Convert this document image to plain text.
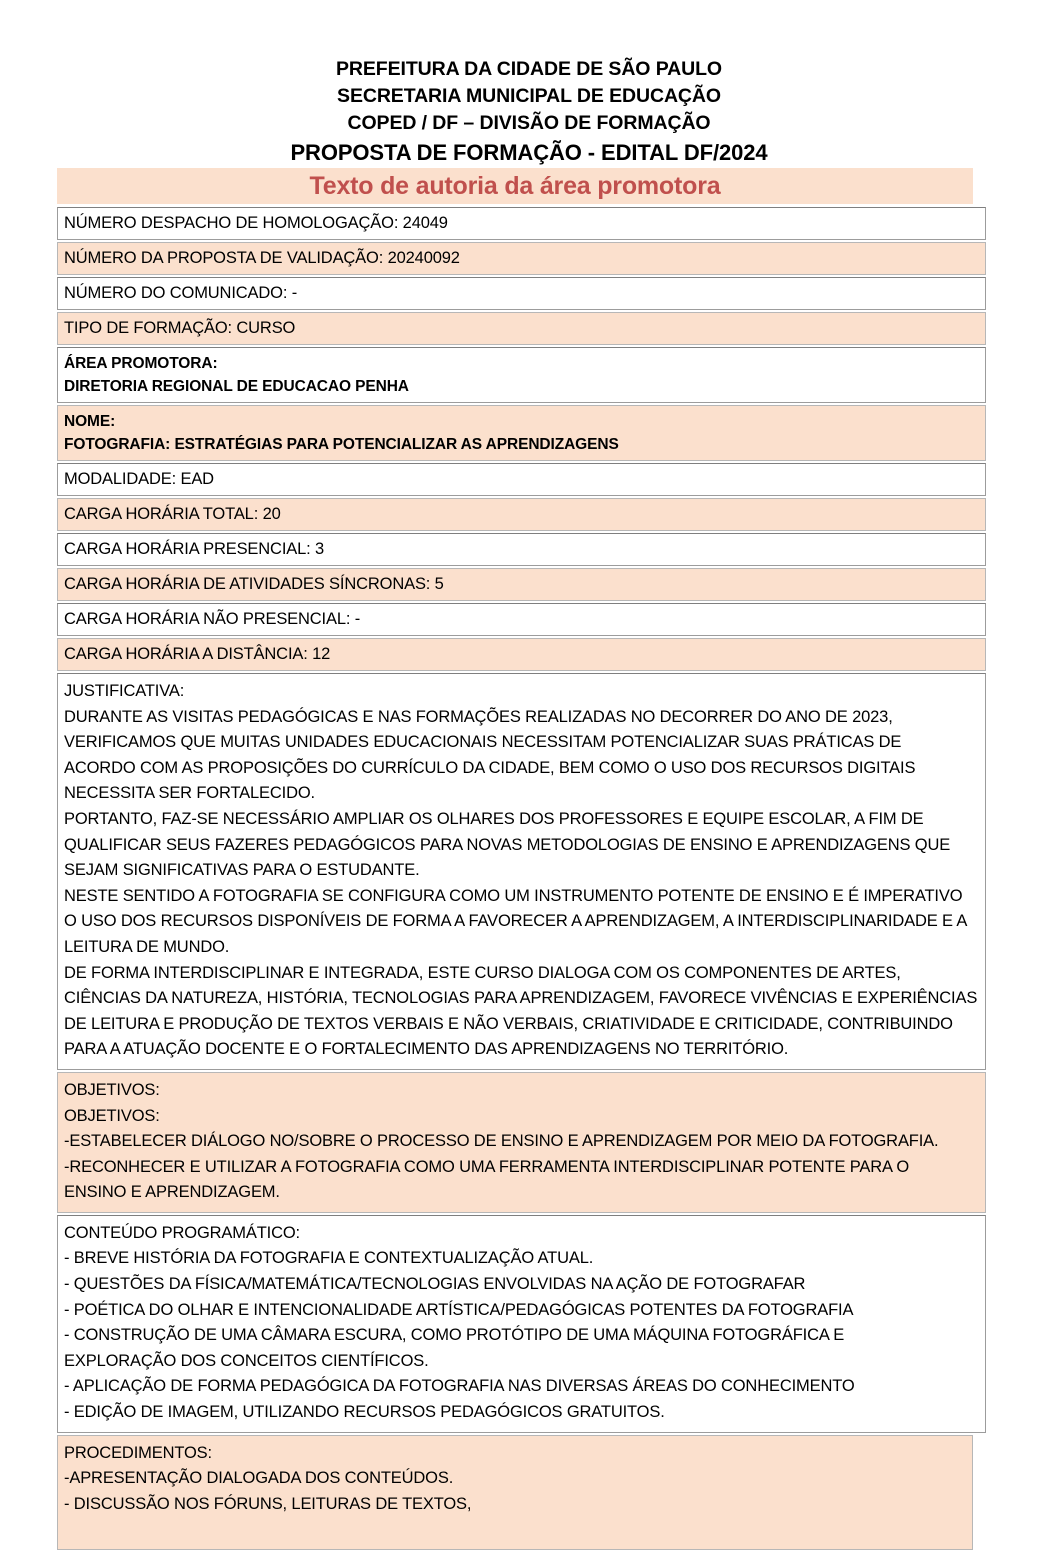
PREFEITURA DA CIDADE DE SÃO PAULO
SECRETARIA MUNICIPAL DE EDUCAÇÃO
COPED / DF – DIVISÃO DE FORMAÇÃO
PROPOSTA DE FORMAÇÃO - EDITAL DF/2024
Texto de autoria da área promotora
NÚMERO DESPACHO DE HOMOLOGAÇÃO: 24049
NÚMERO DA PROPOSTA DE VALIDAÇÃO: 20240092
NÚMERO DO COMUNICADO: -
TIPO DE FORMAÇÃO: CURSO
ÁREA PROMOTORA:
DIRETORIA REGIONAL DE EDUCACAO PENHA
NOME:
FOTOGRAFIA: ESTRATÉGIAS PARA POTENCIALIZAR AS APRENDIZAGENS
MODALIDADE: EAD
CARGA HORÁRIA TOTAL: 20
CARGA HORÁRIA PRESENCIAL: 3
CARGA HORÁRIA DE ATIVIDADES SÍNCRONAS: 5
CARGA HORÁRIA NÃO PRESENCIAL: -
CARGA HORÁRIA A DISTÂNCIA: 12
JUSTIFICATIVA:
DURANTE AS VISITAS PEDAGÓGICAS E NAS FORMAÇÕES REALIZADAS NO DECORRER DO ANO DE 2023,
VERIFICAMOS QUE MUITAS UNIDADES EDUCACIONAIS NECESSITAM POTENCIALIZAR SUAS PRÁTICAS DE
ACORDO COM AS PROPOSIÇÕES DO CURRÍCULO DA CIDADE, BEM COMO O USO DOS RECURSOS DIGITAIS
NECESSITA SER FORTALECIDO.
PORTANTO, FAZ-SE NECESSÁRIO AMPLIAR OS OLHARES DOS PROFESSORES E EQUIPE ESCOLAR, A FIM DE
QUALIFICAR SEUS FAZERES PEDAGÓGICOS PARA NOVAS METODOLOGIAS DE ENSINO E APRENDIZAGENS QUE
SEJAM SIGNIFICATIVAS PARA O ESTUDANTE.
NESTE SENTIDO A FOTOGRAFIA SE CONFIGURA COMO UM INSTRUMENTO POTENTE DE ENSINO E É IMPERATIVO
O USO DOS RECURSOS DISPONÍVEIS DE FORMA A FAVORECER A APRENDIZAGEM, A INTERDISCIPLINARIDADE E A
LEITURA DE MUNDO.
DE FORMA INTERDISCIPLINAR E INTEGRADA, ESTE CURSO DIALOGA COM OS COMPONENTES DE ARTES,
CIÊNCIAS DA NATUREZA, HISTÓRIA, TECNOLOGIAS PARA APRENDIZAGEM, FAVORECE VIVÊNCIAS E EXPERIÊNCIAS
DE LEITURA E PRODUÇÃO DE TEXTOS VERBAIS E NÃO VERBAIS, CRIATIVIDADE E CRITICIDADE, CONTRIBUINDO
PARA A ATUAÇÃO DOCENTE E O FORTALECIMENTO DAS APRENDIZAGENS NO TERRITÓRIO.
OBJETIVOS:
OBJETIVOS:
-ESTABELECER DIÁLOGO NO/SOBRE O PROCESSO DE ENSINO E APRENDIZAGEM POR MEIO DA FOTOGRAFIA.
-RECONHECER E UTILIZAR A FOTOGRAFIA COMO UMA FERRAMENTA INTERDISCIPLINAR POTENTE PARA O
ENSINO E APRENDIZAGEM.
CONTEÚDO PROGRAMÁTICO:
- BREVE HISTÓRIA DA FOTOGRAFIA E CONTEXTUALIZAÇÃO ATUAL.
- QUESTÕES DA FÍSICA/MATEMÁTICA/TECNOLOGIAS ENVOLVIDAS NA AÇÃO DE FOTOGRAFAR
- POÉTICA DO OLHAR E INTENCIONALIDADE ARTÍSTICA/PEDAGÓGICAS POTENTES DA FOTOGRAFIA
- CONSTRUÇÃO DE UMA CÂMARA ESCURA, COMO PROTÓTIPO DE UMA MÁQUINA FOTOGRÁFICA E
EXPLORAÇÃO DOS CONCEITOS CIENTÍFICOS.
- APLICAÇÃO DE FORMA PEDAGÓGICA DA FOTOGRAFIA NAS DIVERSAS ÁREAS DO CONHECIMENTO
- EDIÇÃO DE IMAGEM, UTILIZANDO RECURSOS PEDAGÓGICOS GRATUITOS.
PROCEDIMENTOS:
-APRESENTAÇÃO DIALOGADA DOS CONTEÚDOS.
- DISCUSSÃO NOS FÓRUNS, LEITURAS DE TEXTOS,
